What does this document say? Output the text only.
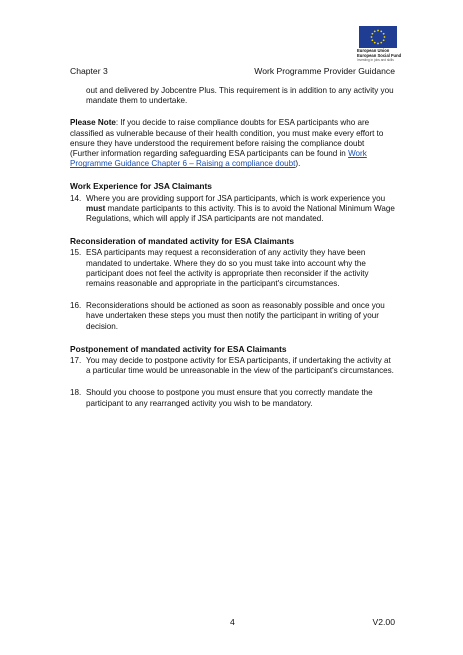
European Union
European Social Fund
Investing in jobs and skills
Chapter 3	Work Programme Provider Guidance

out and delivered by Jobcentre Plus. This requirement is in addition to any activity you mandate them to undertake.

Please Note: If you decide to raise compliance doubts for ESA participants who are classified as vulnerable because of their health condition, you must make every effort to ensure they have understood the requirement before raising the compliance doubt (Further information regarding safeguarding ESA participants can be found in Work Programme Guidance Chapter 6 – Raising a compliance doubt).

Work Experience for JSA Claimants
14. Where you are providing support for JSA participants, which is work experience you must mandate participants to this activity. This is to avoid the National Minimum Wage Regulations, which will apply if JSA participants are not mandated.
Reconsideration of mandated activity for ESA Claimants
15. ESA participants may request a reconsideration of any activity they have been mandated to undertake. Where they do so you must take into account why the participant does not feel the activity is appropriate then reconsider if the activity remains reasonable and appropriate in the participant's circumstances.
16. Reconsiderations should be actioned as soon as reasonably possible and once you have undertaken these steps you must then notify the participant in writing of your decision.
Postponement of mandated activity for ESA Claimants
17. You may decide to postpone activity for ESA participants, if undertaking the activity at a particular time would be unreasonable in the view of the participant's circumstances.
18. Should you choose to postpone you must ensure that you correctly mandate the participant to any rearranged activity you wish to be mandatory.
4	V2.00
